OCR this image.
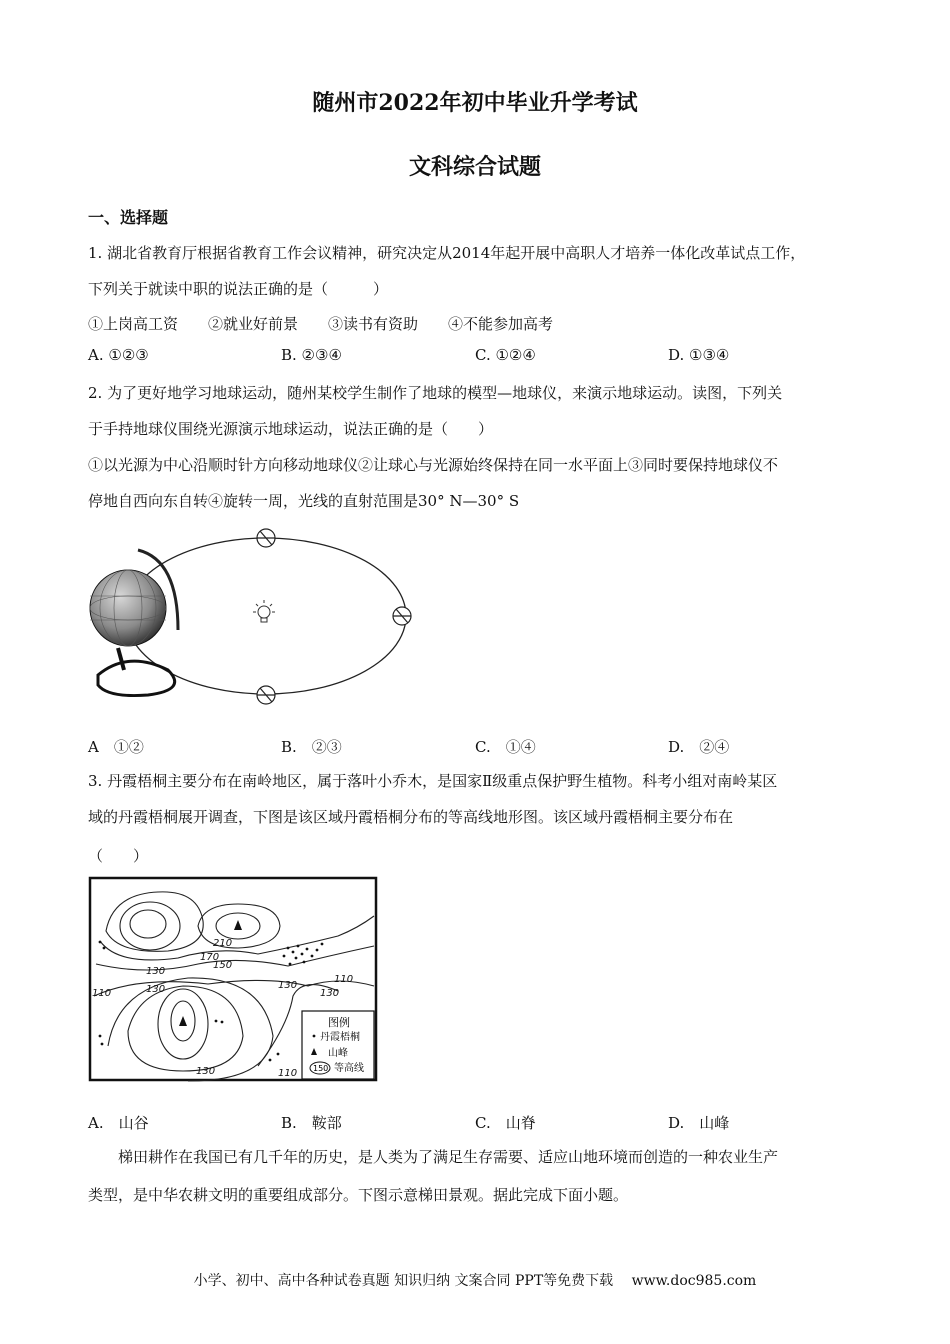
随州市2022年初中毕业升学考试
文科综合试题
一、选择题
1. 湖北省教育厅根据省教育工作会议精神，研究决定从2014年起开展中高职人才培养一体化改革试点工作，
下列关于就读中职的说法正确的是（　　　）
①上岗高工资　　②就业好前景　　③读书有资助　　④不能参加高考
A. ①②③	B. ②③④	C. ①②④	D. ①③④
2. 为了更好地学习地球运动，随州某校学生制作了地球的模型—地球仪，来演示地球运动。读图，下列关
于手持地球仪围绕光源演示地球运动，说法正确的是（　　）
①以光源为中心沿顺时针方向移动地球仪②让球心与光源始终保持在同一水平面上③同时要保持地球仪不
停地自西向东自转④旋转一周，光线的直射范围是30° N—30° S
A　①②	B.　②③	C.　①④	D.　②④
3. 丹霞梧桐主要分布在南岭地区，属于落叶小乔木，是国家Ⅱ级重点保护野生植物。科考小组对南岭某区
域的丹霞梧桐展开调查，下图是该区域丹霞梧桐分布的等高线地形图。该区域丹霞梧桐主要分布在
（　　）
210
170
150
130
110	130
110
130
130
130	110
图例
丹霞梧桐
山峰
150 等高线
A.　山谷	B.　鞍部	C.　山脊	D.　山峰
梯田耕作在我国已有几千年的历史，是人类为了满足生存需要、适应山地环境而创造的一种农业生产
类型，是中华农耕文明的重要组成部分。下图示意梯田景观。据此完成下面小题。
小学、初中、高中各种试卷真题 知识归纳 文案合同 PPT等免费下载　 www.doc985.com
